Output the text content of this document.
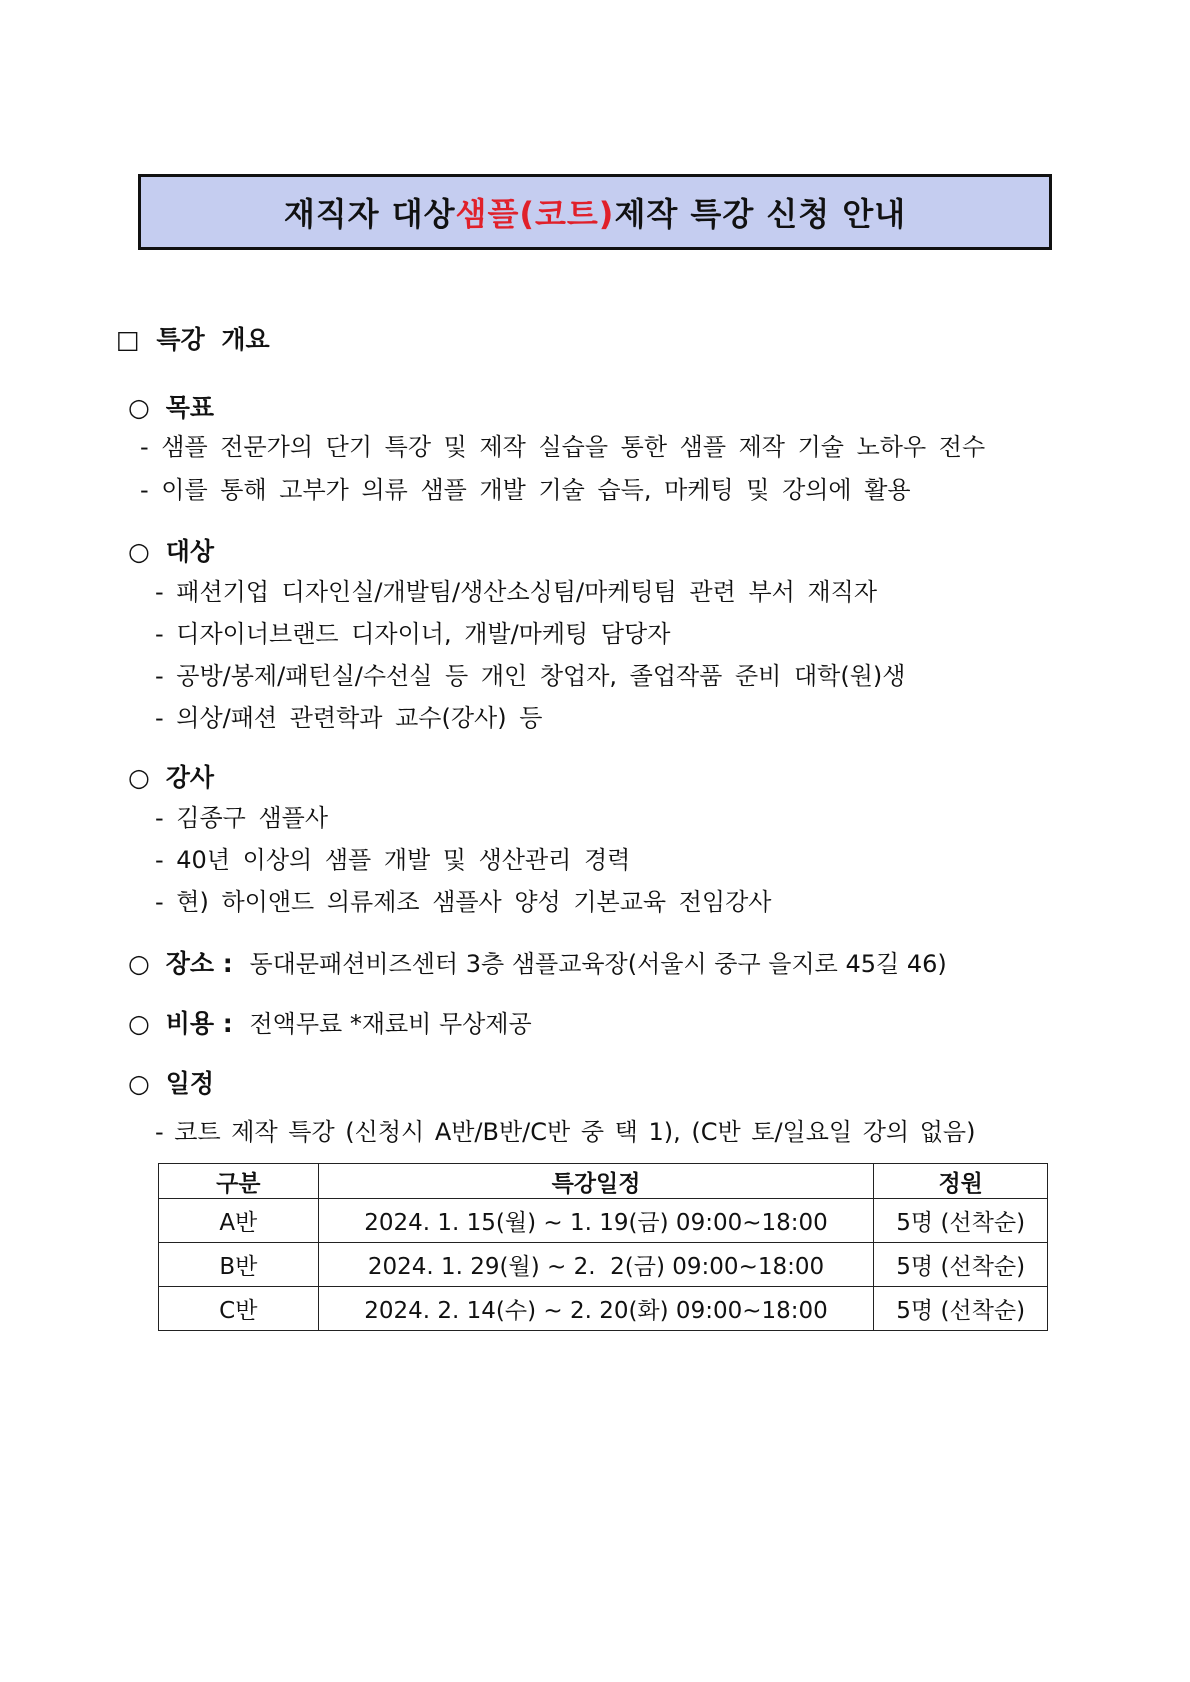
재직자 대상 샘플(코트) 제작 특강 신청 안내
□ 특강 개요
○ 목표
- 샘플 전문가의 단기 특강 및 제작 실습을 통한 샘플 제작 기술 노하우 전수
- 이를 통해 고부가 의류 샘플 개발 기술 습득, 마케팅 및 강의에 활용
○ 대상
- 패션기업 디자인실/개발팀/생산소싱팀/마케팅팀 관련 부서 재직자
- 디자이너브랜드 디자이너, 개발/마케팅 담당자
- 공방/봉제/패턴실/수선실 등 개인 창업자, 졸업작품 준비 대학(원)생
- 의상/패션 관련학과 교수(강사) 등
○ 강사
- 김종구 샘플사
- 40년 이상의 샘플 개발 및 생산관리 경력
- 현) 하이앤드 의류제조 샘플사 양성 기본교육 전임강사
○ 장소 :  동대문패션비즈센터 3층 샘플교육장(서울시 중구 을지로 45길 46)
○ 비용 :  전액무료 *재료비 무상제공
○ 일정
- 코트 제작 특강 (신청시 A반/B반/C반 중 택 1), (C반 토/일요일 강의 없음)
구분	특강일정	정원
A반	2024. 1. 15(월) ~ 1. 19(금) 09:00~18:00	5명 (선착순)
B반	2024. 1. 29(월) ~ 2.  2(금) 09:00~18:00	5명 (선착순)
C반	2024. 2. 14(수) ~ 2. 20(화) 09:00~18:00	5명 (선착순)
